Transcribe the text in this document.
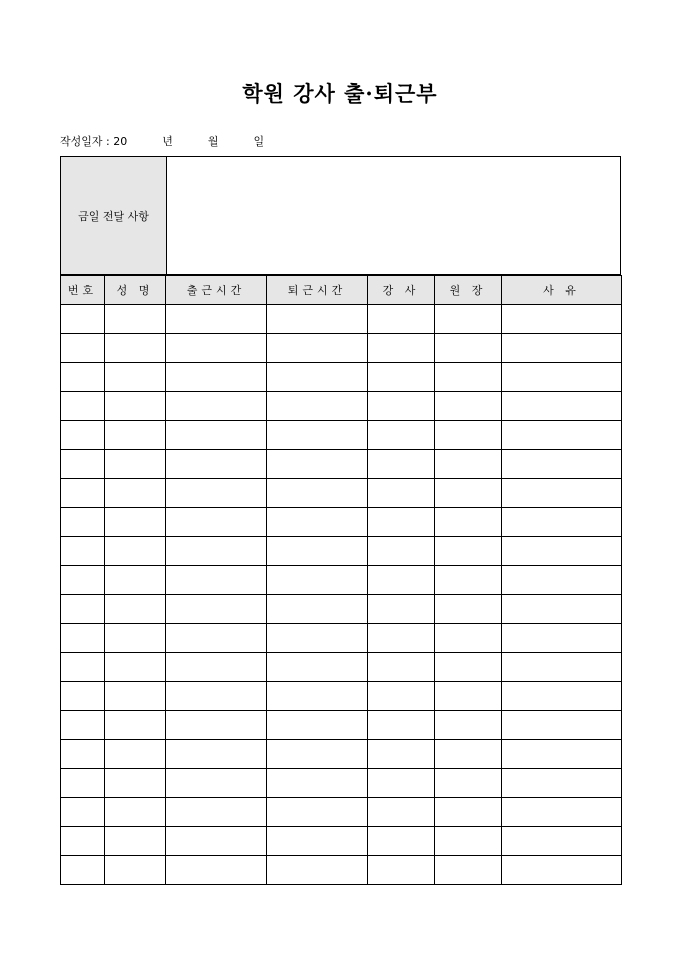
학원 강사 출·퇴근부
작성일자 : 20	년	월	일
금일 전달 사항
번호	성 명	출근시간	퇴근시간	강 사	원 장	사 유
